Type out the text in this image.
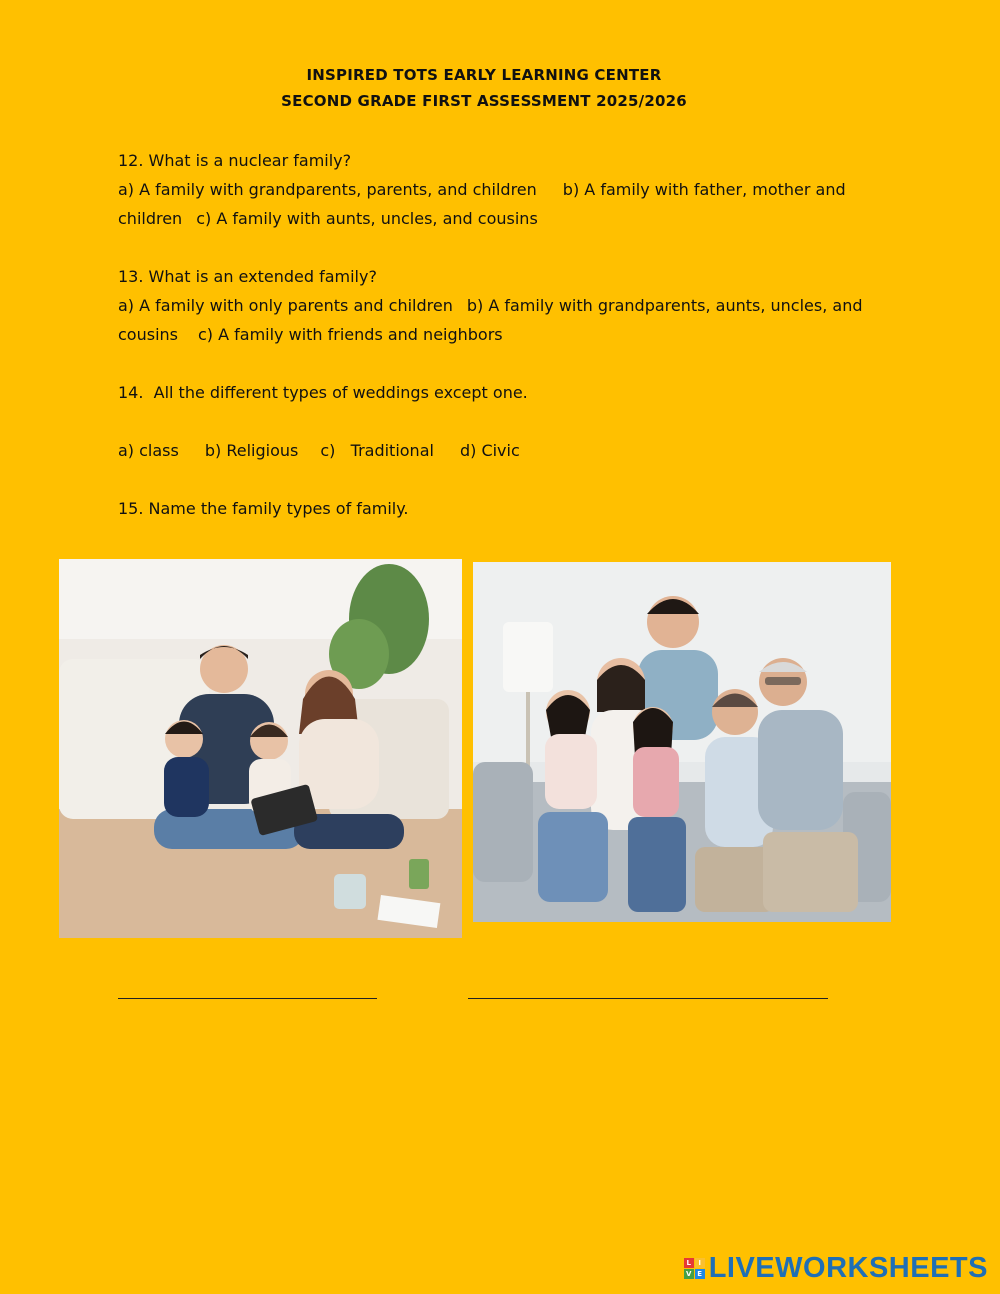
INSPIRED TOTS EARLY LEARNING CENTER
SECOND GRADE FIRST ASSESSMENT 2025/2026

12. What is a nuclear family?

a) A family with grandparents, parents, and children b) A family with father, mother and children c) A family with aunts, uncles, and cousins

13. What is an extended family?

a) A family with only parents and children b) A family with grandparents, aunts, uncles, and cousins c) A family with friends and neighbors

14.  All the different types of weddings except one.

a) class b) Religious c)   Traditional d) Civic

15. Name the family types of family.

L	I
V E LIVEWORKSHEETS
